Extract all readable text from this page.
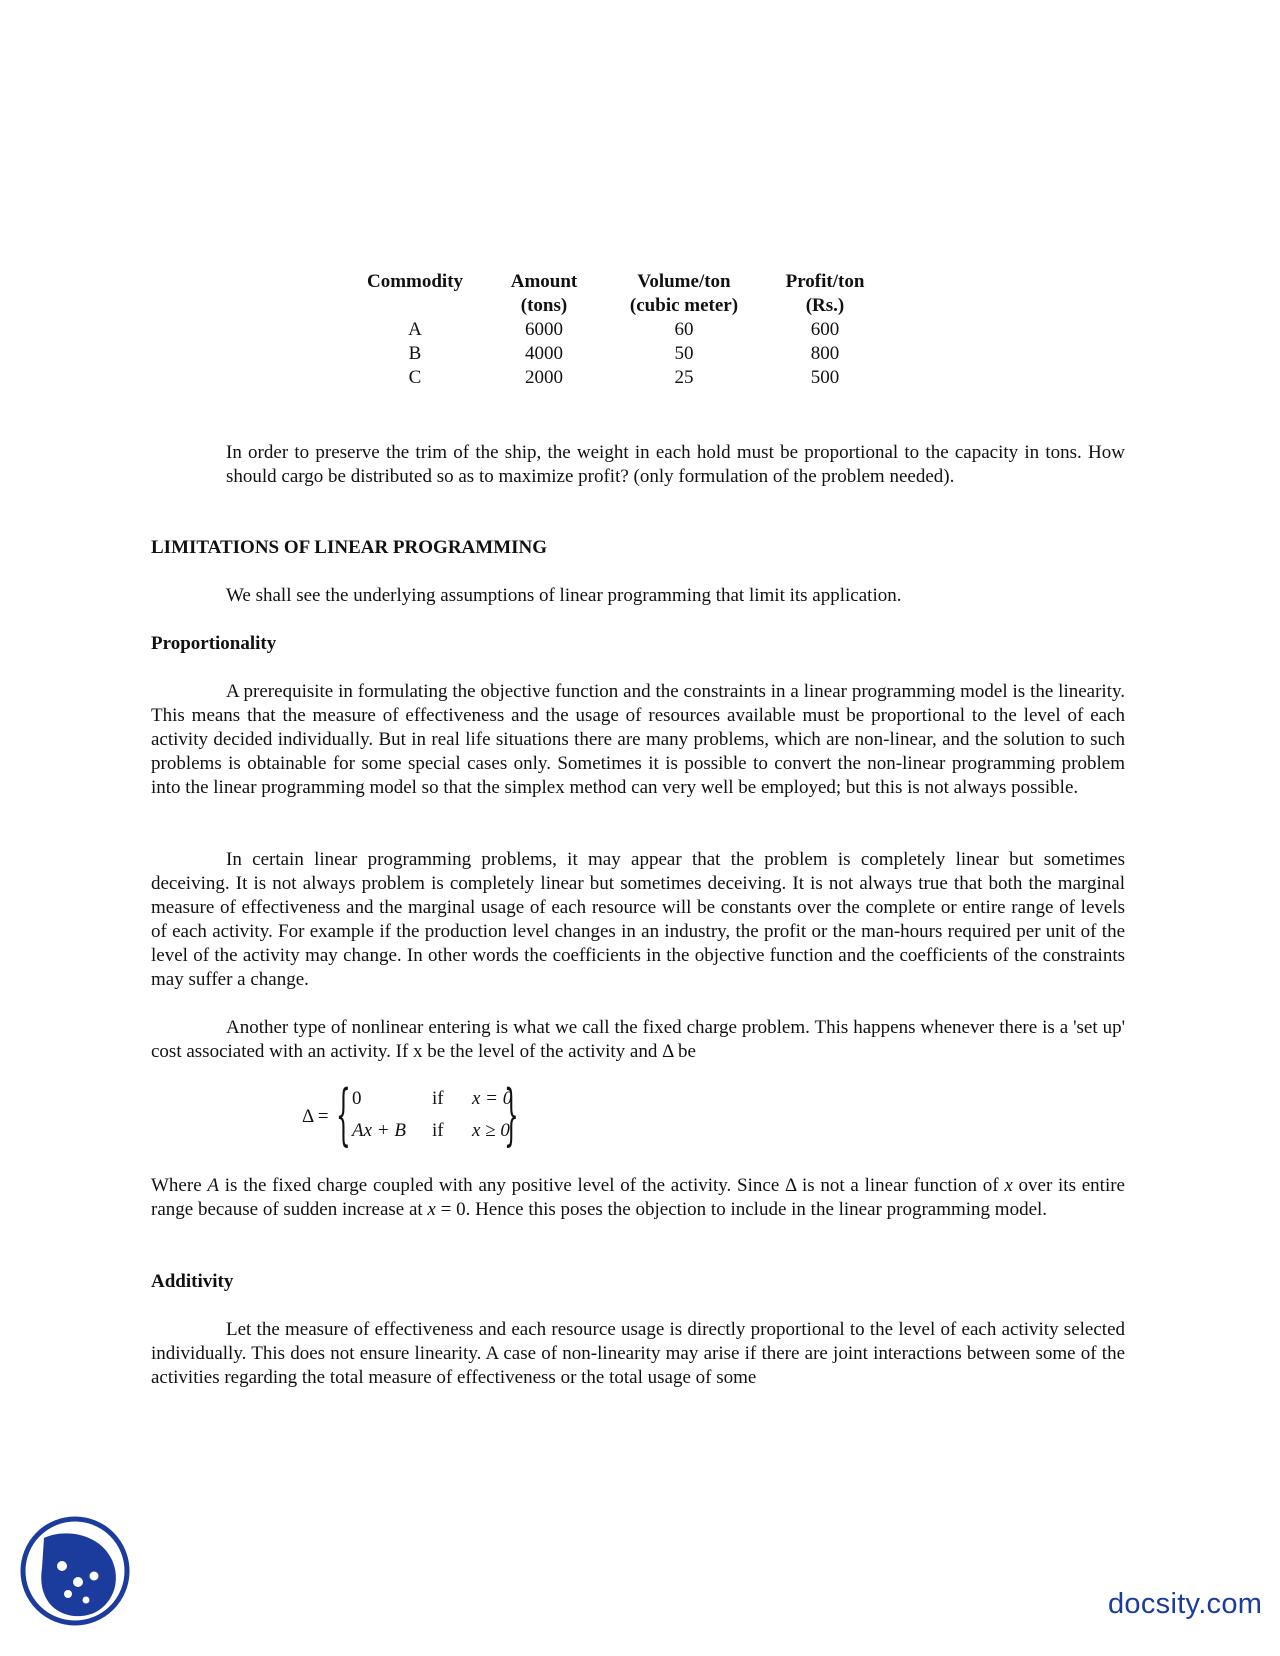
Commodity	Amount	Volume/ton	Profit/ton
	(tons)	(cubic meter)	(Rs.)
A	6000	60	600
B	4000	50	800
C	2000	25	500

In order to preserve the trim of the ship, the weight in each hold must be proportional to the capacity in tons. How should cargo be distributed so as to maximize profit? (only formulation of the problem needed).

LIMITATIONS OF LINEAR PROGRAMMING

We shall see the underlying assumptions of linear programming that limit its application.

Proportionality

A prerequisite in formulating the objective function and the constraints in a linear programming model is the linearity. This means that the measure of effectiveness and the usage of resources available must be proportional to the level of each activity decided individually. But in real life situations there are many problems, which are non-linear, and the solution to such problems is obtainable for some special cases only. Sometimes it is possible to convert the non-linear programming problem into the linear programming model so that the simplex method can very well be employed; but this is not always possible.

In certain linear programming problems, it may appear that the problem is completely linear but sometimes deceiving. It is not always problem is completely linear but sometimes deceiving. It is not always true that both the marginal measure of effectiveness and the marginal usage of each resource will be constants over the complete or entire range of levels of each activity. For example if the production level changes in an industry, the profit or the man-hours required per unit of the level of the activity may change. In other words the coefficients in the objective function and the coefficients of the constraints may suffer a change.

Another type of nonlinear entering is what we call the fixed charge problem. This happens whenever there is a 'set up' cost associated with an activity. If x be the level of the activity and Δ be

Δ = { 0	if x = 0
Ax + B if x ≥ 0
}

Where A is the fixed charge coupled with any positive level of the activity. Since Δ is not a linear function of x over its entire range because of sudden increase at x = 0. Hence this poses the objection to include in the linear programming model.

Additivity

Let the measure of effectiveness and each resource usage is directly proportional to the level of each activity selected individually. This does not ensure linearity. A case of non-linearity may arise if there are joint interactions between some of the activities regarding the total measure of effectiveness or the total usage of some

docsity.com
